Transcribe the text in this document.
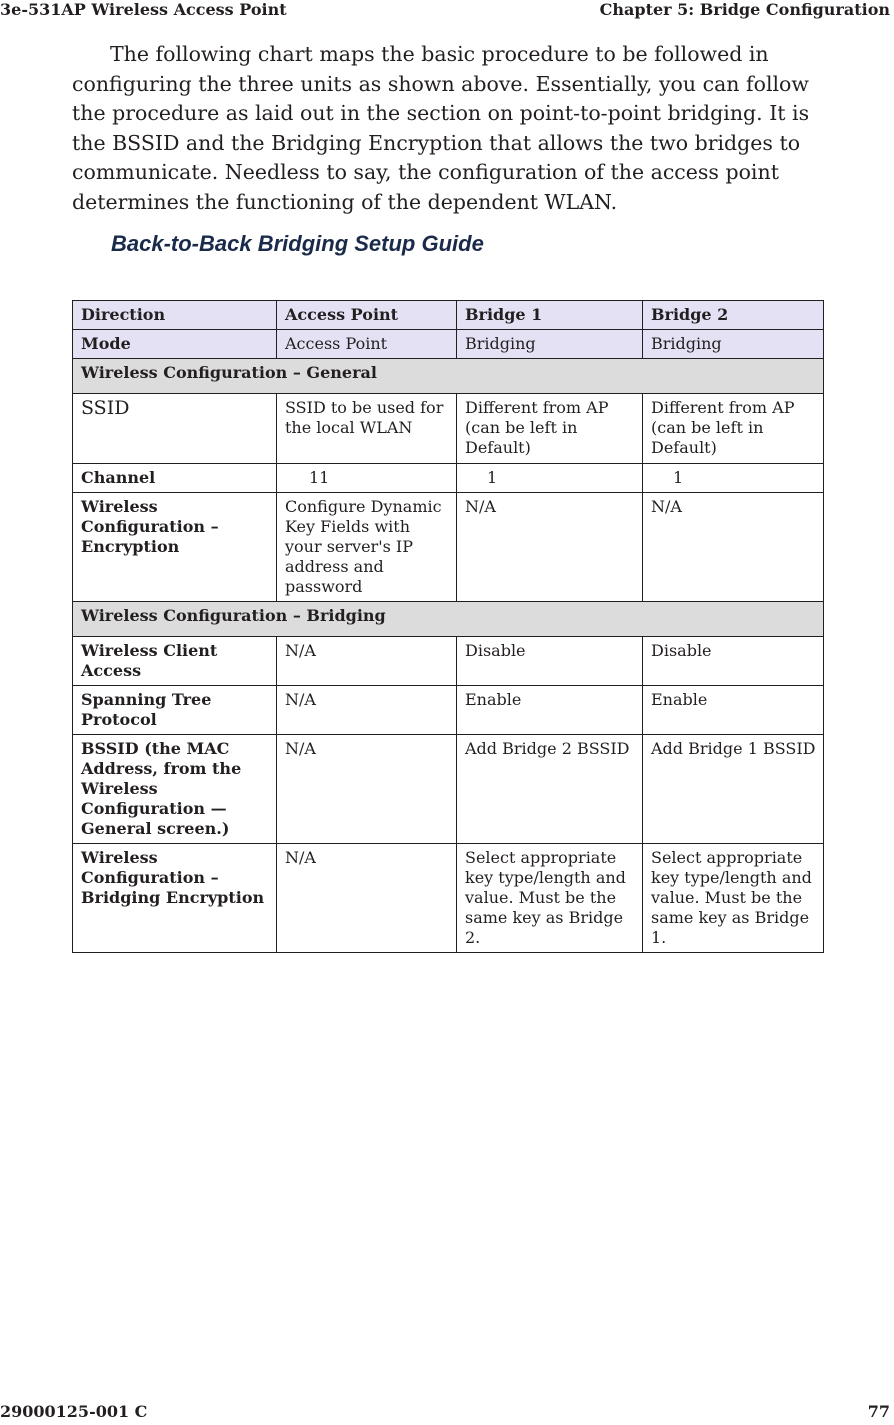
3e-531AP Wireless Access Point	Chapter 5: Bridge Configuration

The following chart maps the basic procedure to be followed in configuring the three units as shown above. Essentially, you can follow the procedure as laid out in the section on point-to-point bridging. It is the BSSID and the Bridging Encryption that allows the two bridges to communicate. Needless to say, the configuration of the access point determines the functioning of the dependent WLAN.

Back-to-Back Bridging Setup Guide
Direction	Access Point	Bridge 1	Bridge 2
Mode	Access Point	Bridging	Bridging
Wireless Configuration – General			
SSID	SSID to be used for the local WLAN	Different from AP (can be left in Default)	Different from AP (can be left in Default)
Channel	11	1	1
Wireless Configuration – Encryption	Configure Dynamic Key Fields with your server's IP address and password	N/A	N/A
Wireless Configuration – Bridging			
Wireless Client Access	N/A	Disable	Disable
Spanning Tree Protocol	N/A	Enable	Enable
BSSID (the MAC Address, from the Wireless Configuration — General screen.)	N/A	Add Bridge 2 BSSID	Add Bridge 1 BSSID
Wireless Configuration – Bridging Encryption	N/A	Select appropriate key type/length and value. Must be the same key as Bridge 2.	Select appropriate key type/length and value. Must be the same key as Bridge 1.
29000125-001 C	77
